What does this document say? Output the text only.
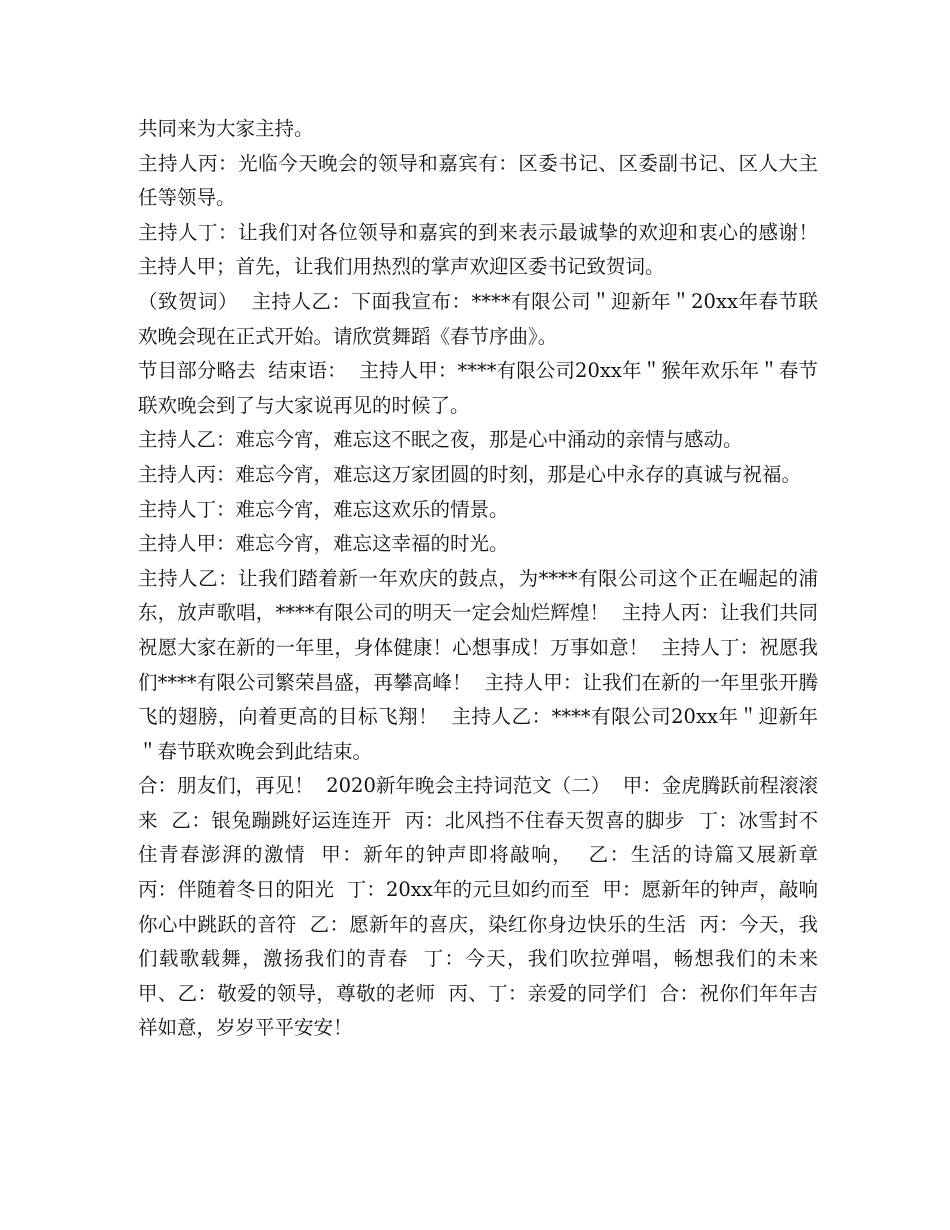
共同来为大家主持。

主持人丙：光临今天晚会的领导和嘉宾有：区委书记、区委副书记、区人大主任等领导。

主持人丁：让我们对各位领导和嘉宾的到来表示最诚挚的欢迎和衷心的感谢！  主持人甲；首先，让我们用热烈的掌声欢迎区委书记致贺词。

（致贺词）  主持人乙：下面我宣布：****有限公司＂迎新年＂20xx年春节联欢晚会现在正式开始。请欣赏舞蹈《春节序曲》。

节目部分略去  结束语：  主持人甲：****有限公司20xx年＂猴年欢乐年＂春节联欢晚会到了与大家说再见的时候了。

主持人乙：难忘今宵，难忘这不眠之夜，那是心中涌动的亲情与感动。

主持人丙：难忘今宵，难忘这万家团圆的时刻，那是心中永存的真诚与祝福。

主持人丁：难忘今宵，难忘这欢乐的情景。

主持人甲：难忘今宵，难忘这幸福的时光。

主持人乙：让我们踏着新一年欢庆的鼓点，为****有限公司这个正在崛起的浦东，放声歌唱，****有限公司的明天一定会灿烂辉煌！  主持人丙：让我们共同祝愿大家在新的一年里，身体健康！心想事成！万事如意！  主持人丁：祝愿我们****有限公司繁荣昌盛，再攀高峰！  主持人甲：让我们在新的一年里张开腾飞的翅膀，向着更高的目标飞翔！  主持人乙：****有限公司20xx年＂迎新年＂春节联欢晚会到此结束。

合：朋友们，再见！  2020新年晚会主持词范文（二）  甲：金虎腾跃前程滚滚来  乙：银兔蹦跳好运连连开  丙：北风挡不住春天贺喜的脚步  丁：冰雪封不住青春澎湃的激情  甲：新年的钟声即将敲响，  乙：生活的诗篇又展新章  丙：伴随着冬日的阳光  丁：20xx年的元旦如约而至  甲：愿新年的钟声，敲响你心中跳跃的音符  乙：愿新年的喜庆，染红你身边快乐的生活  丙：今天，我们载歌载舞，激扬我们的青春  丁：今天，我们吹拉弹唱，畅想我们的未来  甲、乙：敬爱的领导，尊敬的老师  丙、丁：亲爱的同学们  合：祝你们年年吉祥如意，岁岁平平安安！
